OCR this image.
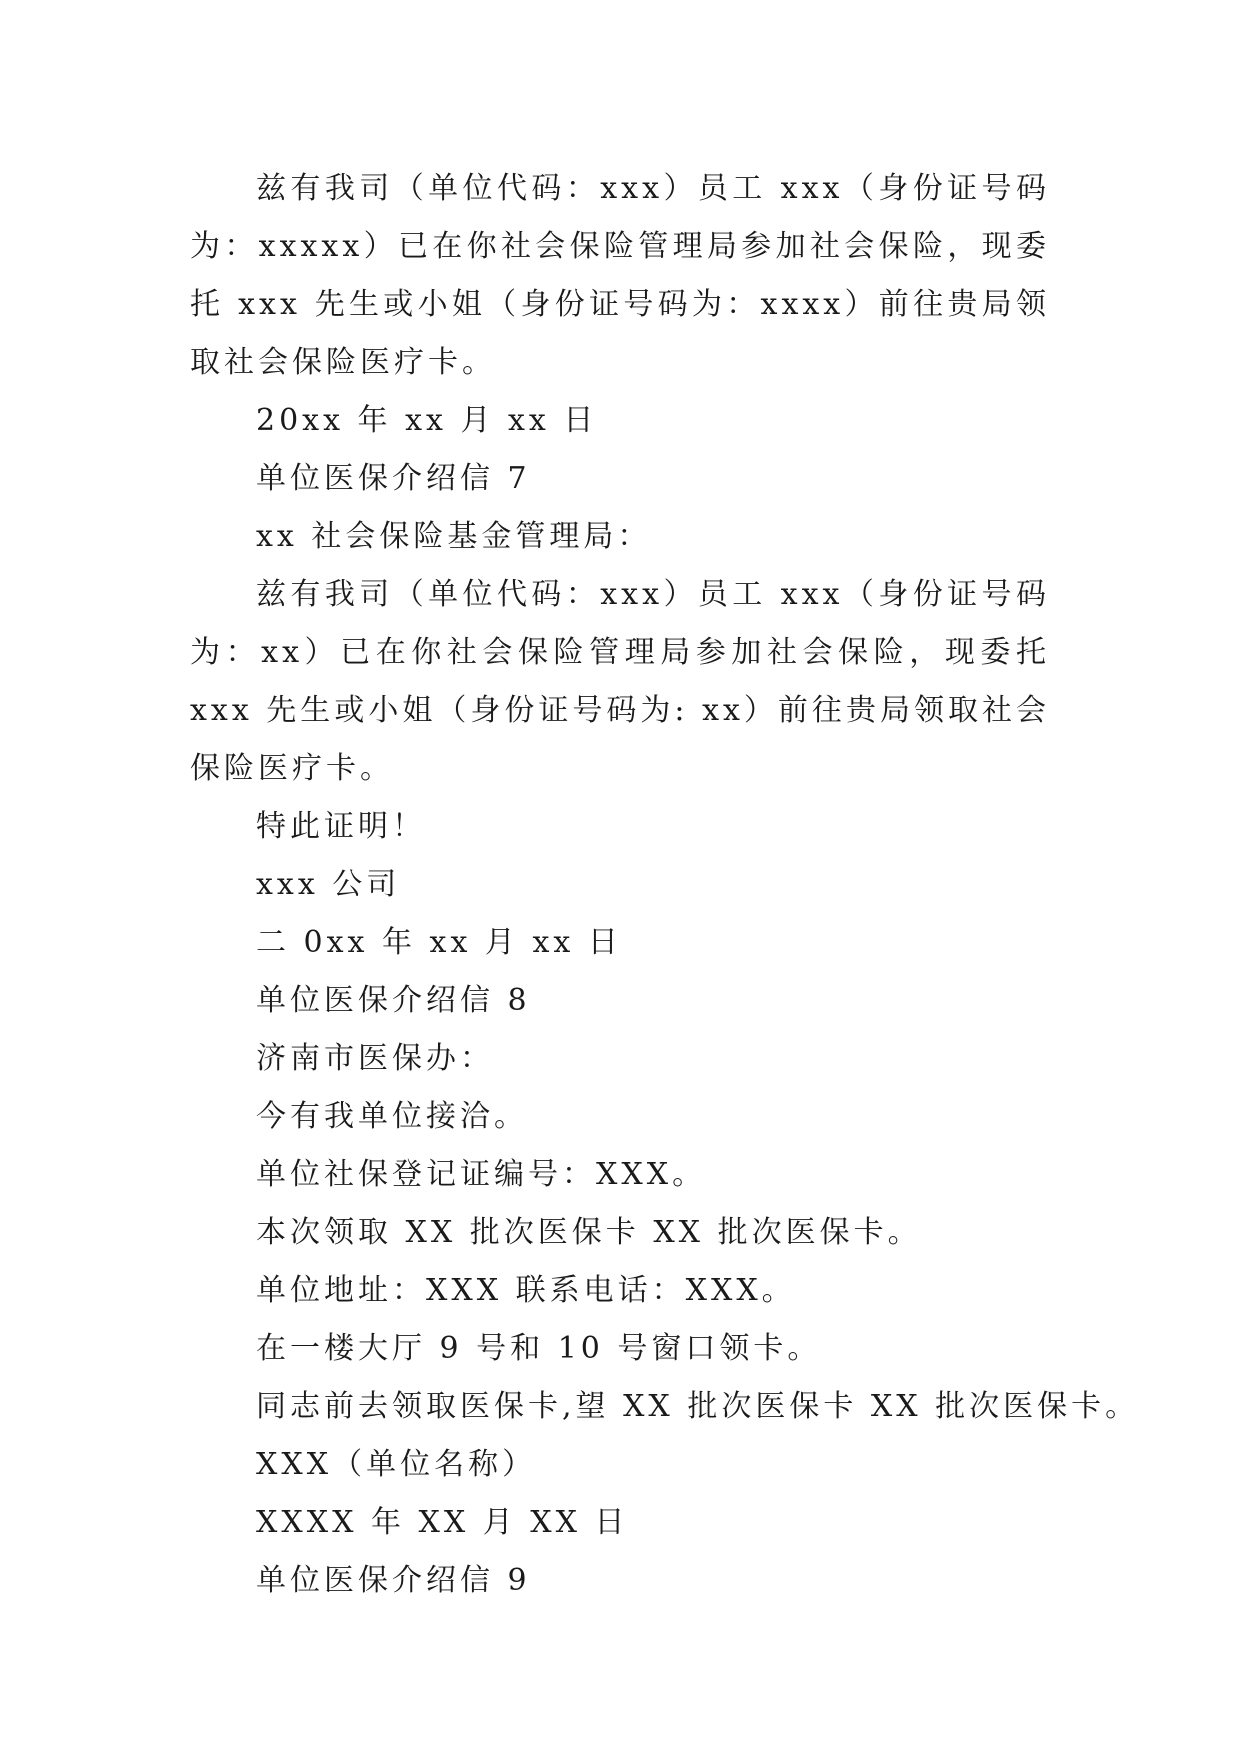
兹有我司（单位代码：xxx）员工 xxx（身份证号码为：xxxxx）已在你社会保险管理局参加社会保险，现委托 xxx 先生或小姐（身份证号码为：xxxx）前往贵局领取社会保险医疗卡。

20xx 年 xx 月 xx 日

单位医保介绍信 7

xx 社会保险基金管理局：

兹有我司（单位代码：xxx）员工 xxx（身份证号码为：xx）已在你社会保险管理局参加社会保险，现委托 xxx 先生或小姐（身份证号码为: xx）前往贵局领取社会保险医疗卡。

特此证明！

xxx 公司

二 0xx 年 xx 月 xx 日

单位医保介绍信 8

济南市医保办：

今有我单位接洽。

单位社保登记证编号：XXX。

本次领取 XX 批次医保卡 XX 批次医保卡。

单位地址：XXX 联系电话：XXX。

在一楼大厅 9 号和 10 号窗口领卡。

同志前去领取医保卡,望 XX 批次医保卡 XX 批次医保卡。

XXX（单位名称）

XXXX 年 XX 月 XX 日

单位医保介绍信 9
